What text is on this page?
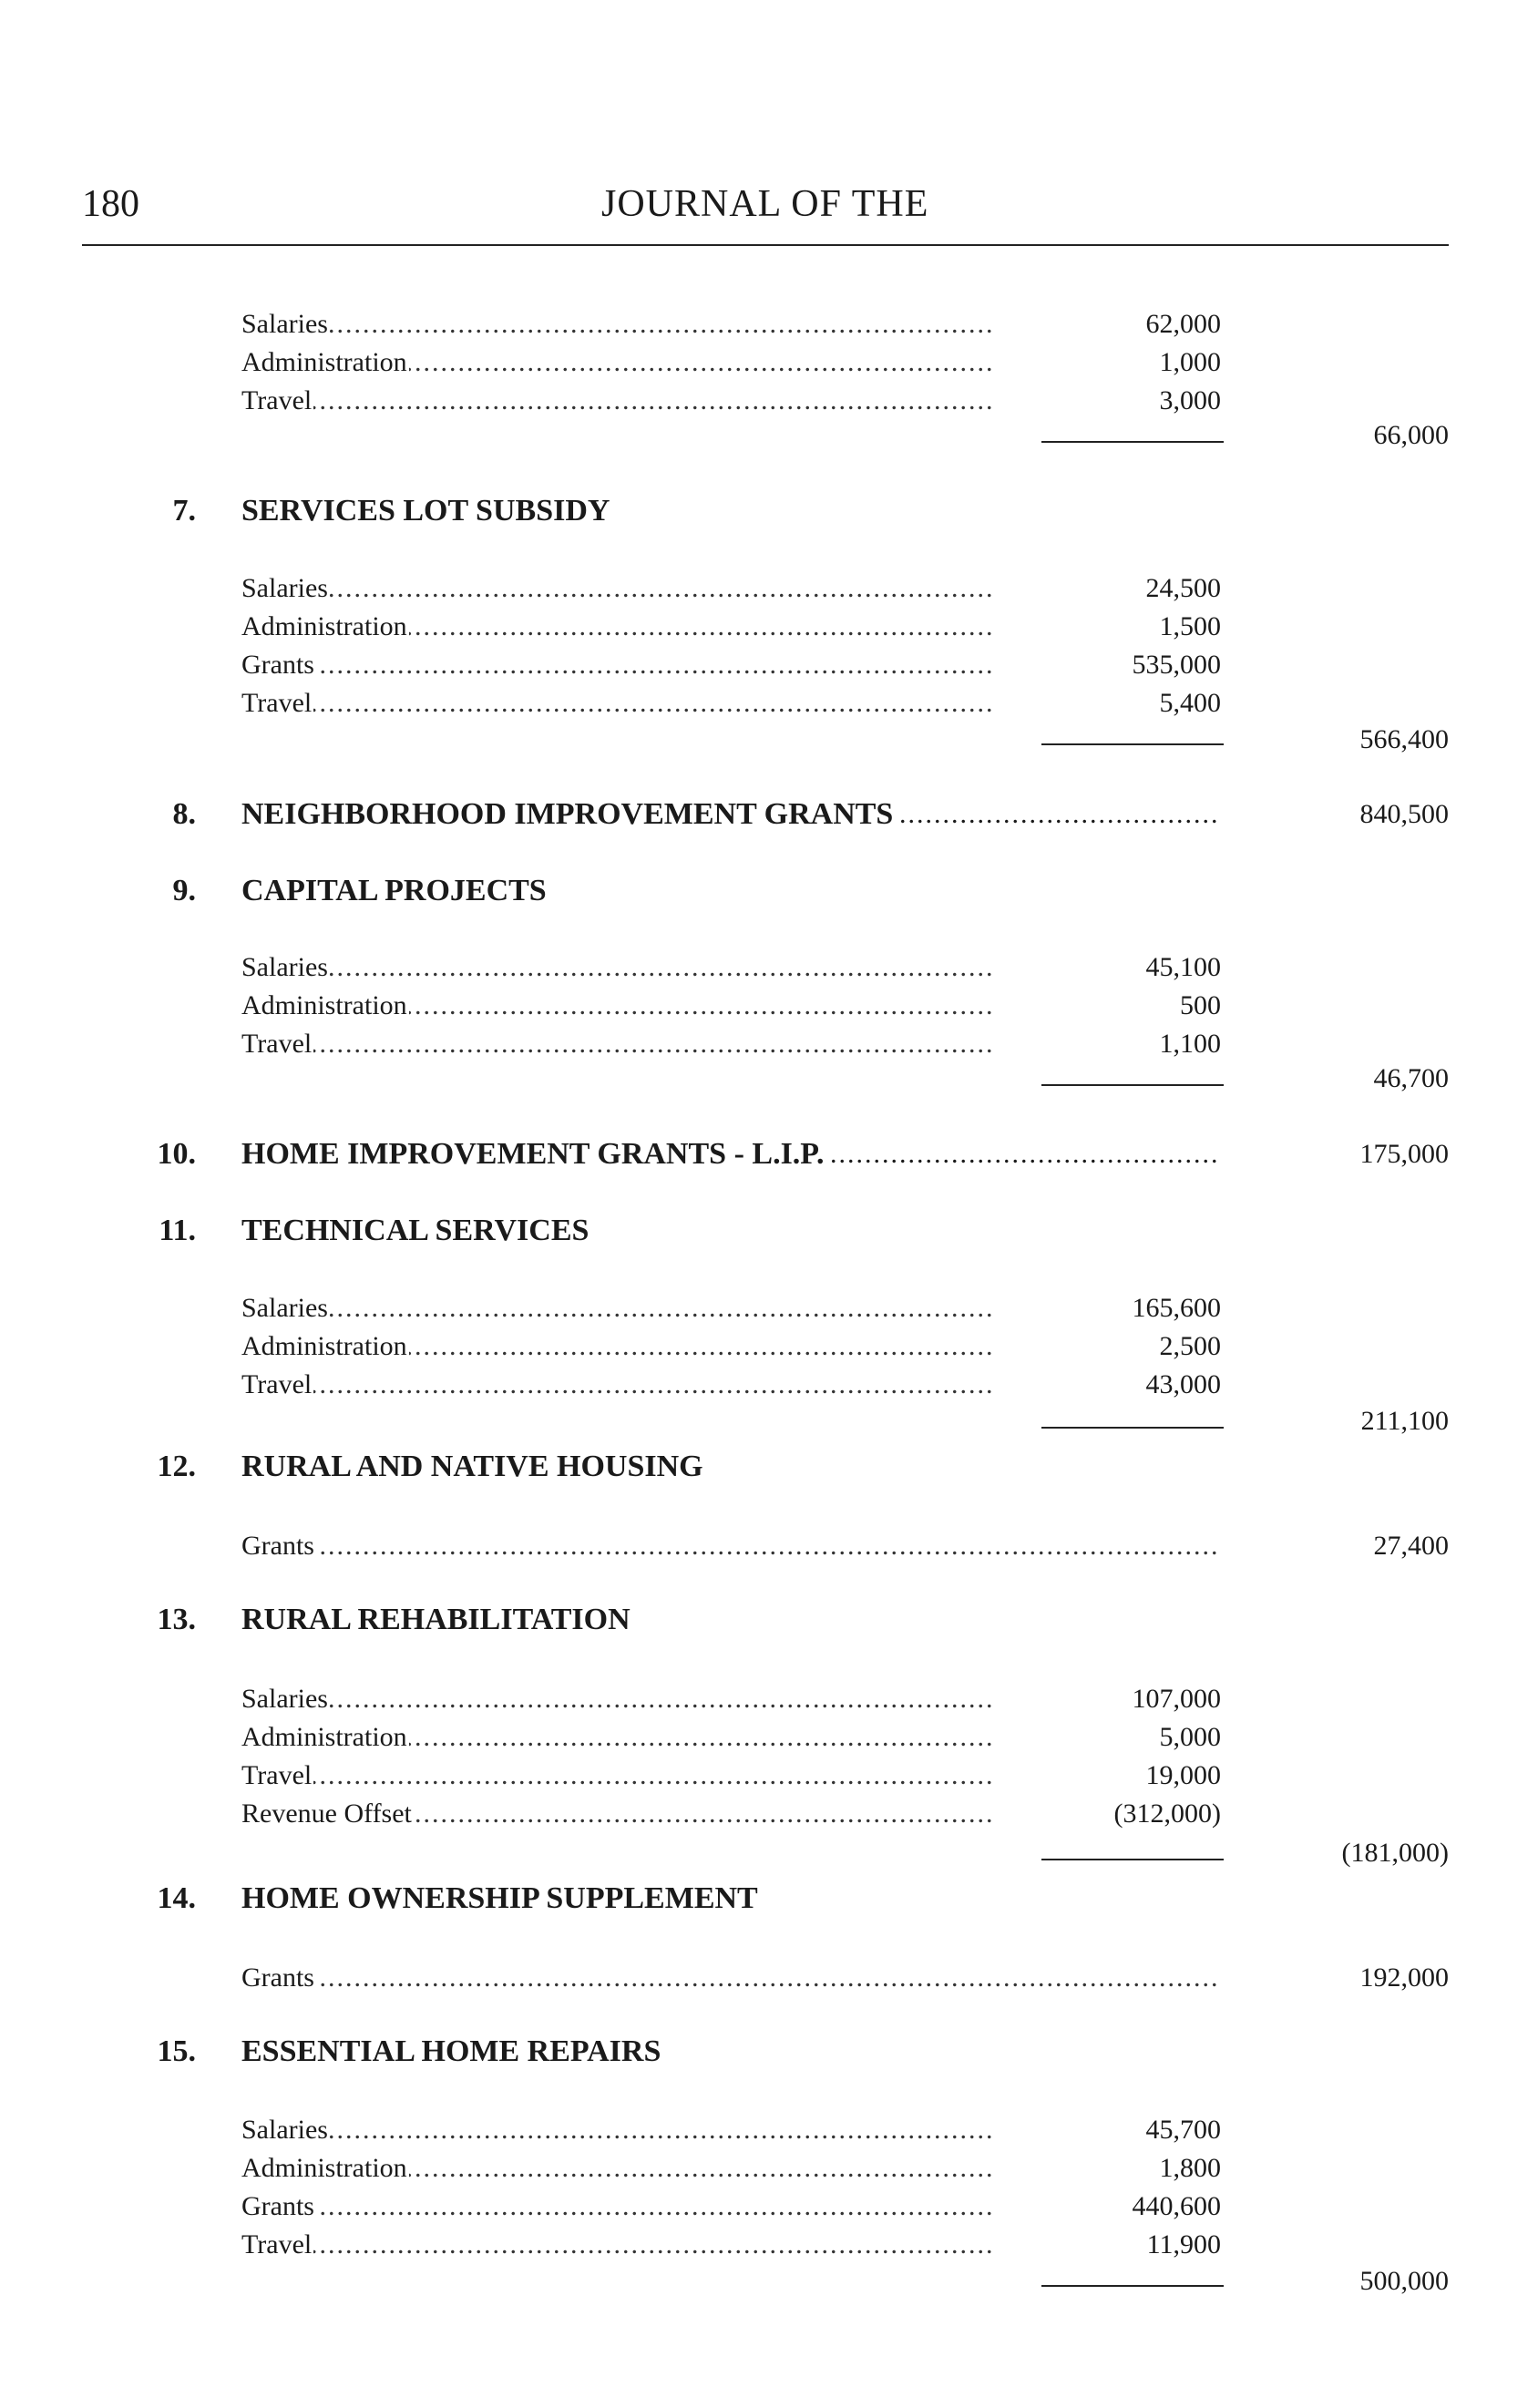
180	JOURNAL OF THE
Salaries .....	62,000
Administration .....	1,000
Travel .....	3,000
66,000
7. SERVICES LOT SUBSIDY
Salaries .....	24,500
Administration .....	1,500
Grants .....	535,000
Travel .....	5,400
566,400
8. NEIGHBORHOOD IMPROVEMENT GRANTS .....	840,500
9. CAPITAL PROJECTS
Salaries .....	45,100
Administration .....	500
Travel .....	1,100
46,700
10. HOME IMPROVEMENT GRANTS - L.I.P. .....	175,000
11. TECHNICAL SERVICES
Salaries .....	165,600
Administration .....	2,500
Travel .....	43,000
211,100
12. RURAL AND NATIVE HOUSING
Grants .....	27,400
13. RURAL REHABILITATION
Salaries .....	107,000
Administration .....	5,000
Travel .....	19,000
Revenue Offset .....	(312,000)
(181,000)
14. HOME OWNERSHIP SUPPLEMENT
Grants .....	192,000
15. ESSENTIAL HOME REPAIRS
Salaries .....	45,700
Administration .....	1,800
Grants .....	440,600
Travel .....	11,900
500,000
